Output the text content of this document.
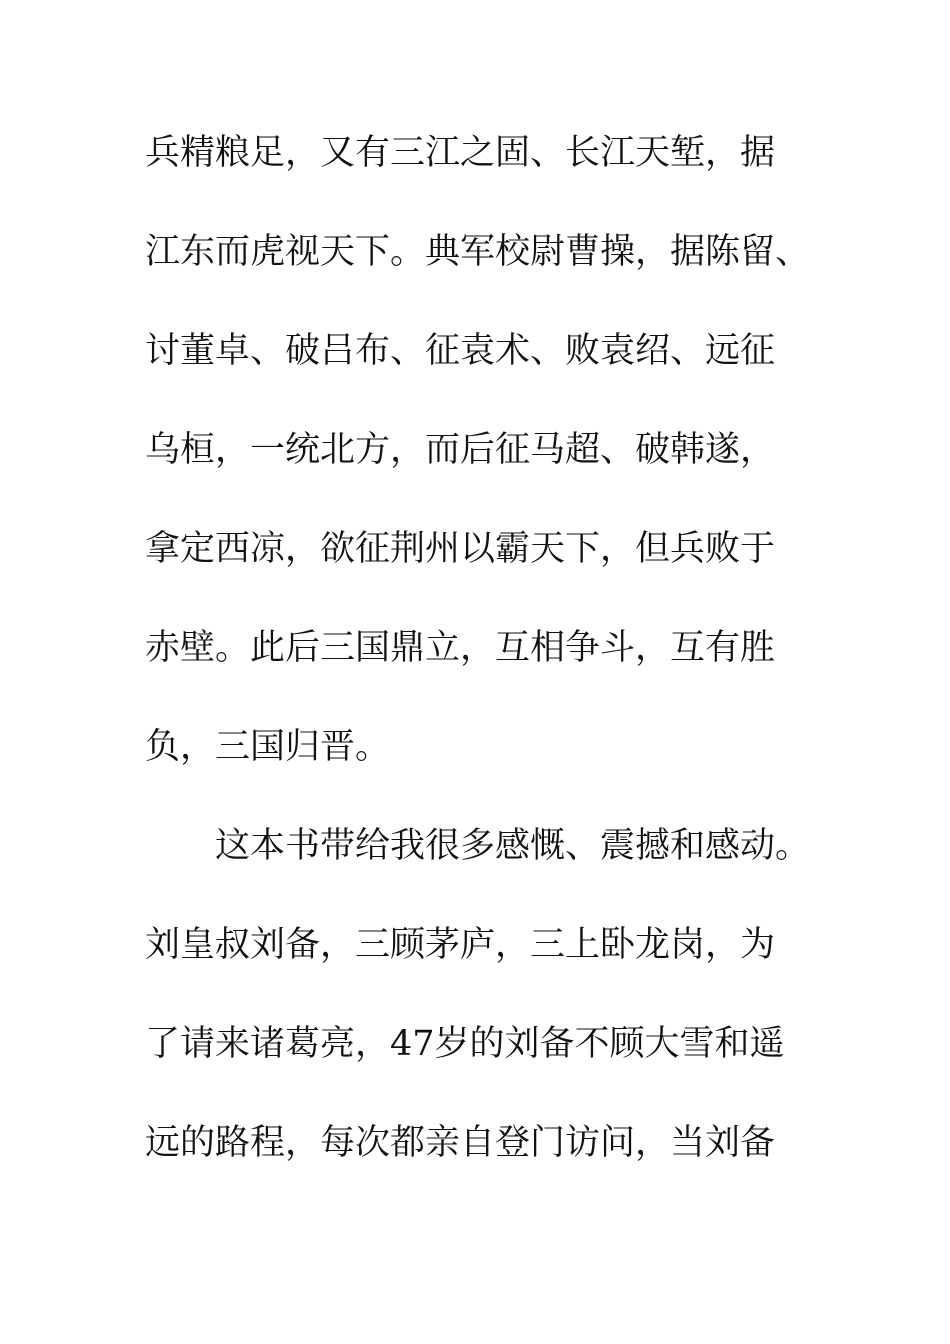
兵精粮足，又有三江之固、长江天堑，据
江东而虎视天下。典军校尉曹操，据陈留、
讨董卓、破吕布、征袁术、败袁绍、远征
乌桓，一统北方，而后征马超、破韩遂，
拿定西凉，欲征荆州以霸天下，但兵败于
赤壁。此后三国鼎立，互相争斗，互有胜
负，三国归晋。
这本书带给我很多感慨、震撼和感动。
刘皇叔刘备，三顾茅庐，三上卧龙岗，为
了请来诸葛亮，47岁的刘备不顾大雪和遥
远的路程，每次都亲自登门访问，当刘备
